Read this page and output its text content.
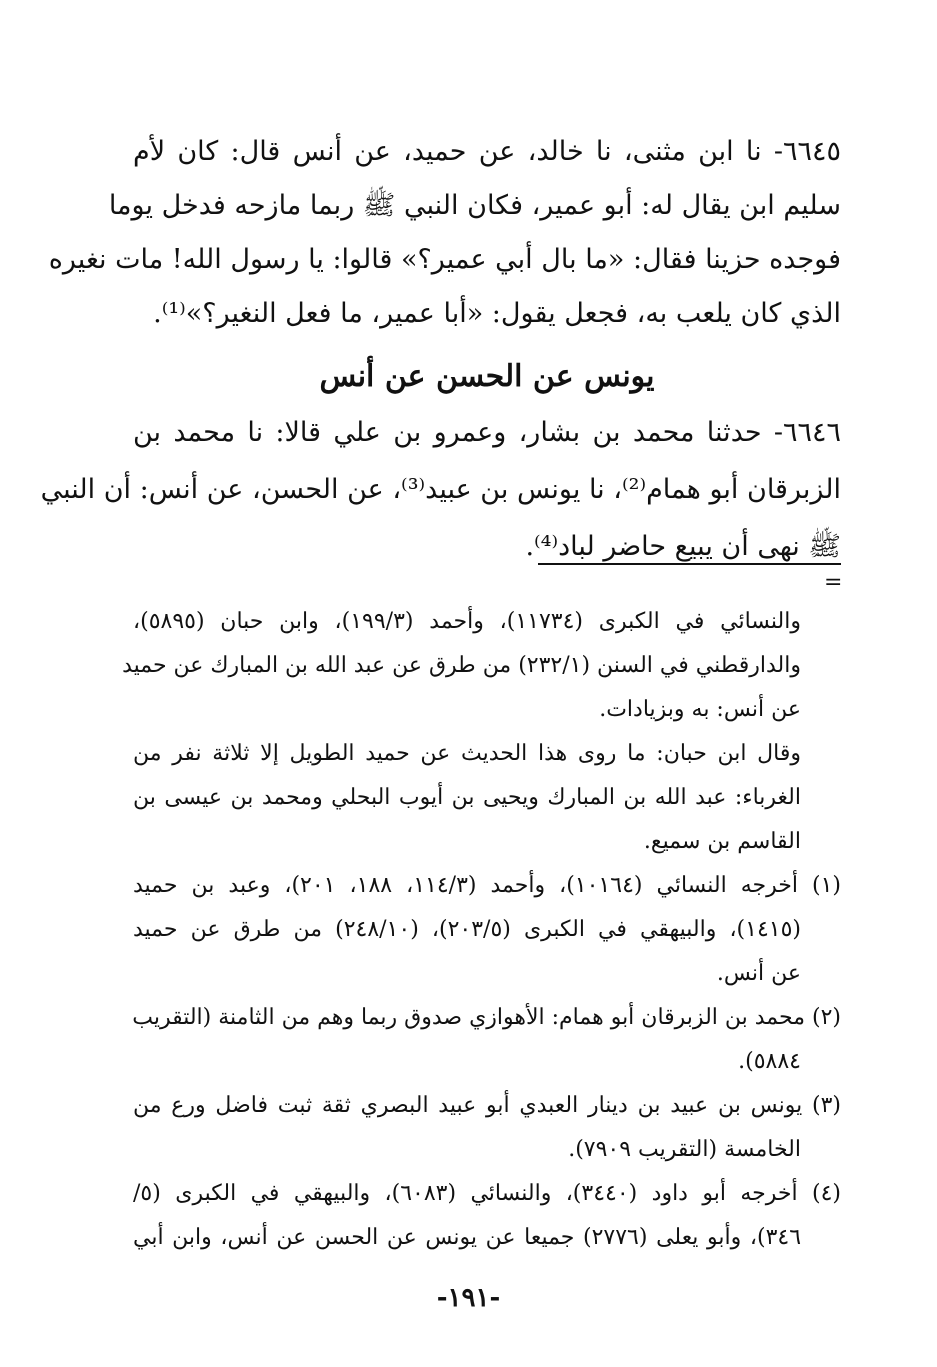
٦٦٤٥- نا ابن مثنى، نا خالد، عن حميد، عن أنس قال: كان لأم
سليم ابن يقال له: أبو عمير، فكان النبي ﷺ ربما مازحه فدخل يوما
فوجده حزينا فقال: «ما بال أبي عمير؟» قالوا: يا رسول الله! مات نغيره
الذي كان يلعب به، فجعل يقول: «أبا عمير، ما فعل النغير؟»⁽¹⁾.
يونس عن الحسن عن أنس
٦٦٤٦- حدثنا محمد بن بشار، وعمرو بن علي قالا: نا محمد بن
الزبرقان أبو همام⁽²⁾، نا يونس بن عبيد⁽³⁾، عن الحسن، عن أنس: أن النبي
ﷺ نهى أن يبيع حاضر لباد⁽⁴⁾.
=
والنسائي في الكبرى (١١٧٣٤)، وأحمد (١٩٩/٣)، وابن حبان (٥٨٩٥)،
والدارقطني في السنن (٢٣٢/١) من طرق عن عبد الله بن المبارك عن حميد
عن أنس: به وبزيادات.
وقال ابن حبان: ما روى هذا الحديث عن حميد الطويل إلا ثلاثة نفر من
الغرباء: عبد الله بن المبارك ويحيى بن أيوب البحلي ومحمد بن عيسى بن
القاسم بن سميع.
(١) أخرجه النسائي (١٠١٦٤)، وأحمد (١١٤/٣، ١٨٨، ٢٠١)، وعبد بن حميد
(١٤١٥)، والبيهقي في الكبرى (٢٠٣/٥)، (٢٤٨/١٠) من طرق عن حميد
عن أنس.
(٢) محمد بن الزبرقان أبو همام: الأهوازي صدوق ربما وهم من الثامنة (التقريب
٥٨٨٤).
(٣) يونس بن عبيد بن دينار العبدي أبو عبيد البصري ثقة ثبت فاضل ورع من
الخامسة (التقريب ٧٩٠٩).
(٤) أخرجه أبو داود (٣٤٤٠)، والنسائي (٦٠٨٣)، والبيهقي في الكبرى (٥/
٣٤٦)، وأبو يعلى (٢٧٧٦) جميعا عن يونس عن الحسن عن أنس، وابن أبي
-١٩١-
